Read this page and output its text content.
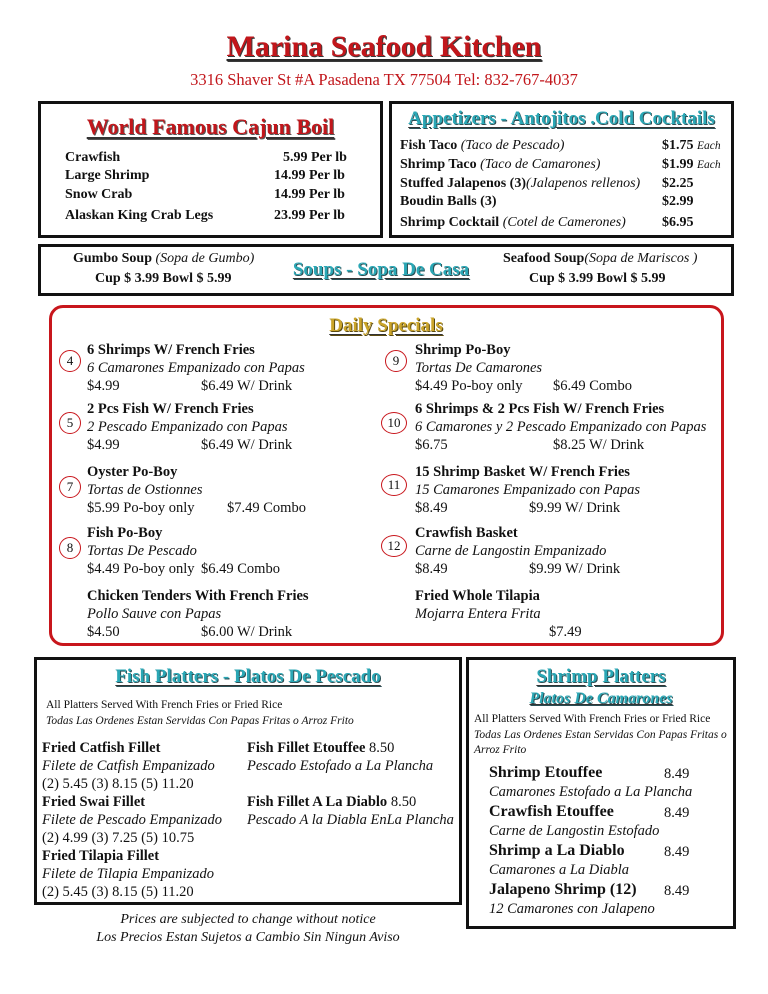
Marina Seafood Kitchen
3316 Shaver St #A Pasadena TX 77504 Tel: 832-767-4037
World Famous Cajun Boil
Crawfish	5.99 Per lb
Large Shrimp	14.99 Per lb
Snow Crab	14.99 Per lb
Alaskan King Crab Legs	23.99 Per lb
Appetizers - Antojitos .Cold Cocktails
Fish Taco (Taco de Pescado)	$1.75 Each
Shrimp Taco (Taco de Camarones)	$1.99 Each
Stuffed Jalapenos (3)(Jalapenos rellenos) $2.25
Boudin Balls (3)	$2.99
Shrimp Cocktail (Cotel de Camerones)	$6.95
Gumbo Soup (Sopa de Gumbo)
Cup $ 3.99 Bowl $ 5.99	Soups - Sopa De Casa
Seafood Soup(Sopa de Mariscos )
Cup $ 3.99 Bowl $ 5.99
Daily Specials
4
6 Shrimps W/ French Fries
6 Camarones Empanizado con Papas
$4.99	$6.49 W/ Drink
5
2 Pcs Fish W/ French Fries
2 Pescado Empanizado con Papas
$4.99	$6.49 W/ Drink
7
Oyster Po-Boy
Tortas de Ostionnes
$5.99 Po-boy only $7.49 Combo
8
Fish Po-Boy
Tortas De Pescado
$4.49 Po-boy only $6.49 Combo
Chicken Tenders With French Fries
Pollo Sauve con Papas
$4.50	$6.00 W/ Drink
9
Shrimp Po-Boy
Tortas De Camarones
$4.49 Po-boy only $6.49 Combo
10
6 Shrimps & 2 Pcs Fish W/ French Fries
6 Camarones y 2 Pescado Empanizado con Papas
$6.75	$8.25 W/ Drink
11
15 Shrimp Basket W/ French Fries
15 Camarones Empanizado con Papas
$8.49	$9.99 W/ Drink
12
Crawfish Basket
Carne de Langostin Empanizado
$8.49	$9.99 W/ Drink
Fried Whole Tilapia
Mojarra Entera Frita
$7.49
Fish Platters - Platos De Pescado
All Platters Served With French Fries or Fried Rice
Todas Las Ordenes Estan Servidas Con Papas Fritas o Arroz Frito
Fried Catfish Fillet
Filete de Catfish Empanizado
(2) 5.45 (3) 8.15 (5) 11.20
Fried Swai Fillet
Filete de Pescado Empanizado
(2) 4.99 (3) 7.25 (5) 10.75
Fried Tilapia Fillet
Filete de Tilapia Empanizado
(2) 5.45 (3) 8.15 (5) 11.20
Fish Fillet Etouffee 8.50
Pescado Estofado a La Plancha
Fish Fillet A La Diablo 8.50
Pescado A la Diabla EnLa Plancha
Prices are subjected to change without notice
Los Precios Estan Sujetos a Cambio Sin Ningun Aviso
Shrimp Platters
Platos De Camarones
All Platters Served With French Fries or Fried Rice
Todas Las Ordenes Estan Servidas Con Papas Fritas o Arroz Frito
Shrimp Etouffee	8.49
Camarones Estofado a La Plancha
Crawfish Etouffee	8.49
Carne de Langostin Estofado
Shrimp a La Diablo	8.49
Camarones a La Diabla
Jalapeno Shrimp (12) 8.49
12 Camarones con Jalapeno
